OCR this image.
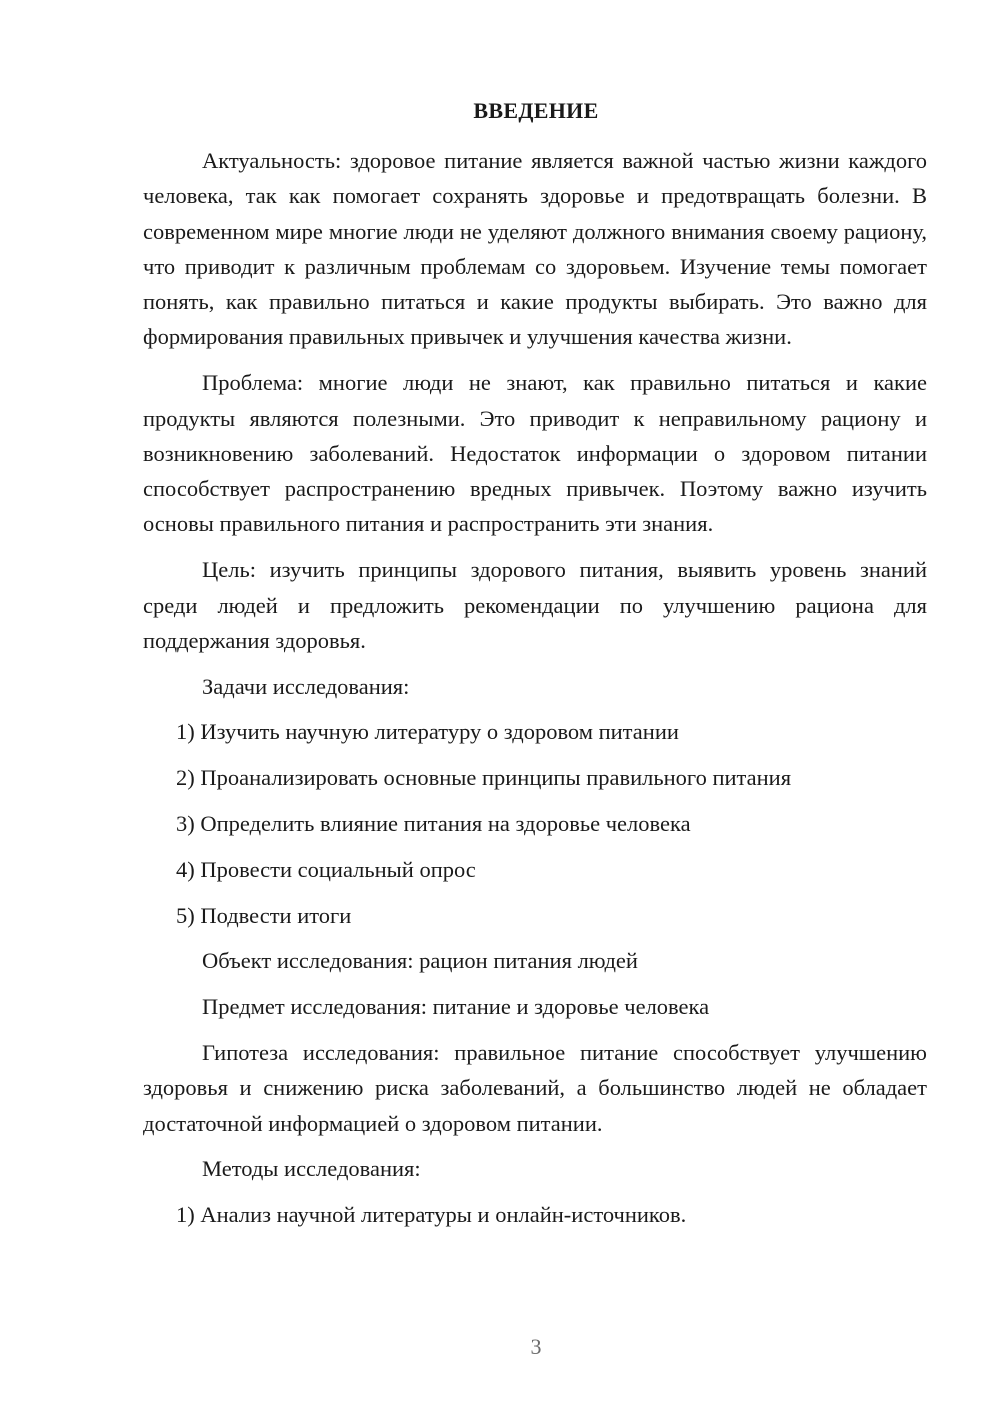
ВВЕДЕНИЕ

Актуальность: здоровое питание является важной частью жизни каждого человека, так как помогает сохранять здоровье и предотвращать болезни. В современном мире многие люди не уделяют должного внимания своему рациону, что приводит к различным проблемам со здоровьем. Изучение темы помогает понять, как правильно питаться и какие продукты выбирать. Это важно для формирования правильных привычек и улучшения качества жизни.

Проблема: многие люди не знают, как правильно питаться и какие продукты являются полезными. Это приводит к неправильному рациону и возникновению заболеваний. Недостаток информации о здоровом питании способствует распространению вредных привычек. Поэтому важно изучить основы правильного питания и распространить эти знания.

Цель: изучить принципы здорового питания, выявить уровень знаний среди людей и предложить рекомендации по улучшению рациона для поддержания здоровья.

Задачи исследования:

1) Изучить научную литературу о здоровом питании

2) Проанализировать основные принципы правильного питания

3) Определить влияние питания на здоровье человека

4) Провести социальный опрос

5) Подвести итоги

Объект исследования: рацион питания людей

Предмет исследования: питание и здоровье человека

Гипотеза исследования: правильное питание способствует улучшению здоровья и снижению риска заболеваний, а большинство людей не обладает достаточной информацией о здоровом питании.

Методы исследования:

1) Анализ научной литературы и онлайн-источников.

3
